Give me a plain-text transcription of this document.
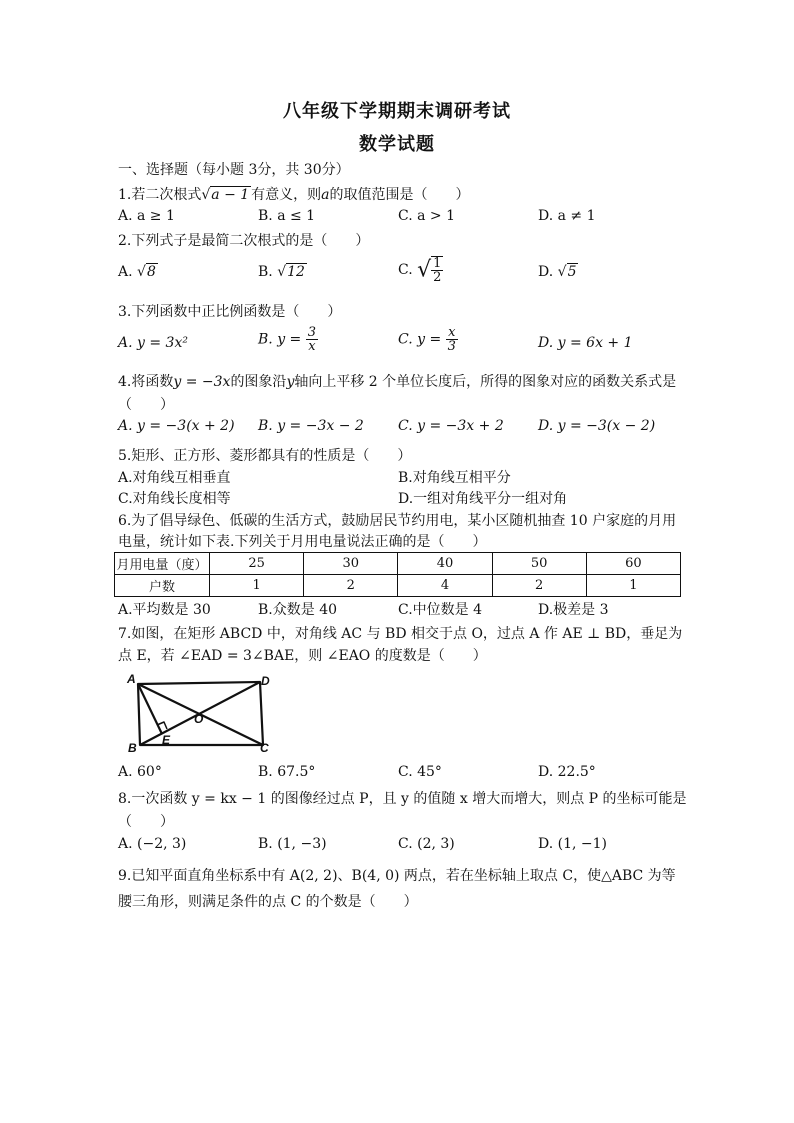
八年级下学期期末调研考试
数学试题
一、选择题（每小题 3分，共 30分）
1.若二次根式√a − 1 有意义，则a的取值范围是（　　）
A. a ≥ 1	B. a ≤ 1	C. a > 1	D. a ≠ 1
2.下列式子是最简二次根式的是（　　）
A. √8	B. √12	C. √ $\frac{1}{2}$	D. √5
3.下列函数中正比例函数是（　　）
A. y = 3x²	B. $y = \frac{3}{x}$	C. $y = \frac{x}{3}$	D. y = 6x + 1
4.将函数y = −3x的图象沿y轴向上平移 2 个单位长度后，所得的图象对应的函数关系式是
（　　）
A. y = −3(x + 2) B. y = −3x − 2 C. y = −3x + 2 D. y = −3(x − 2)
5.矩形、正方形、菱形都具有的性质是（　　）
A.对角线互相垂直	B.对角线互相平分
C.对角线长度相等	D.一组对角线平分一组对角
6.为了倡导绿色、低碳的生活方式，鼓励居民节约用电，某小区随机抽查 10 户家庭的月用
电量，统计如下表.下列关于月用电量说法正确的是（　　）
月用电量（度）	25	30	40	50	60
户数	1	2	4	2	1
A.平均数是 30	B.众数是 40	C.中位数是 4	D.极差是 3
7.如图，在矩形 ABCD 中，对角线 AC 与 BD 相交于点 O，过点 A 作 AE ⊥ BD，垂足为
点 E，若 ∠EAD = 3∠BAE，则 ∠EAO 的度数是（　　）
A	D
B	C
O
E
A. 60°	B. 67.5°	C. 45°	D. 22.5°
8.一次函数 y = kx − 1 的图像经过点 P，且 y 的值随 x 增大而增大，则点 P 的坐标可能是
（　　）
A. (−2, 3)	B. (1, −3)	C. (2, 3)	D. (1, −1)
9.已知平面直角坐标系中有 A(2, 2)、B(4, 0) 两点，若在坐标轴上取点 C，使△ABC 为等
腰三角形，则满足条件的点 C 的个数是（　　）
